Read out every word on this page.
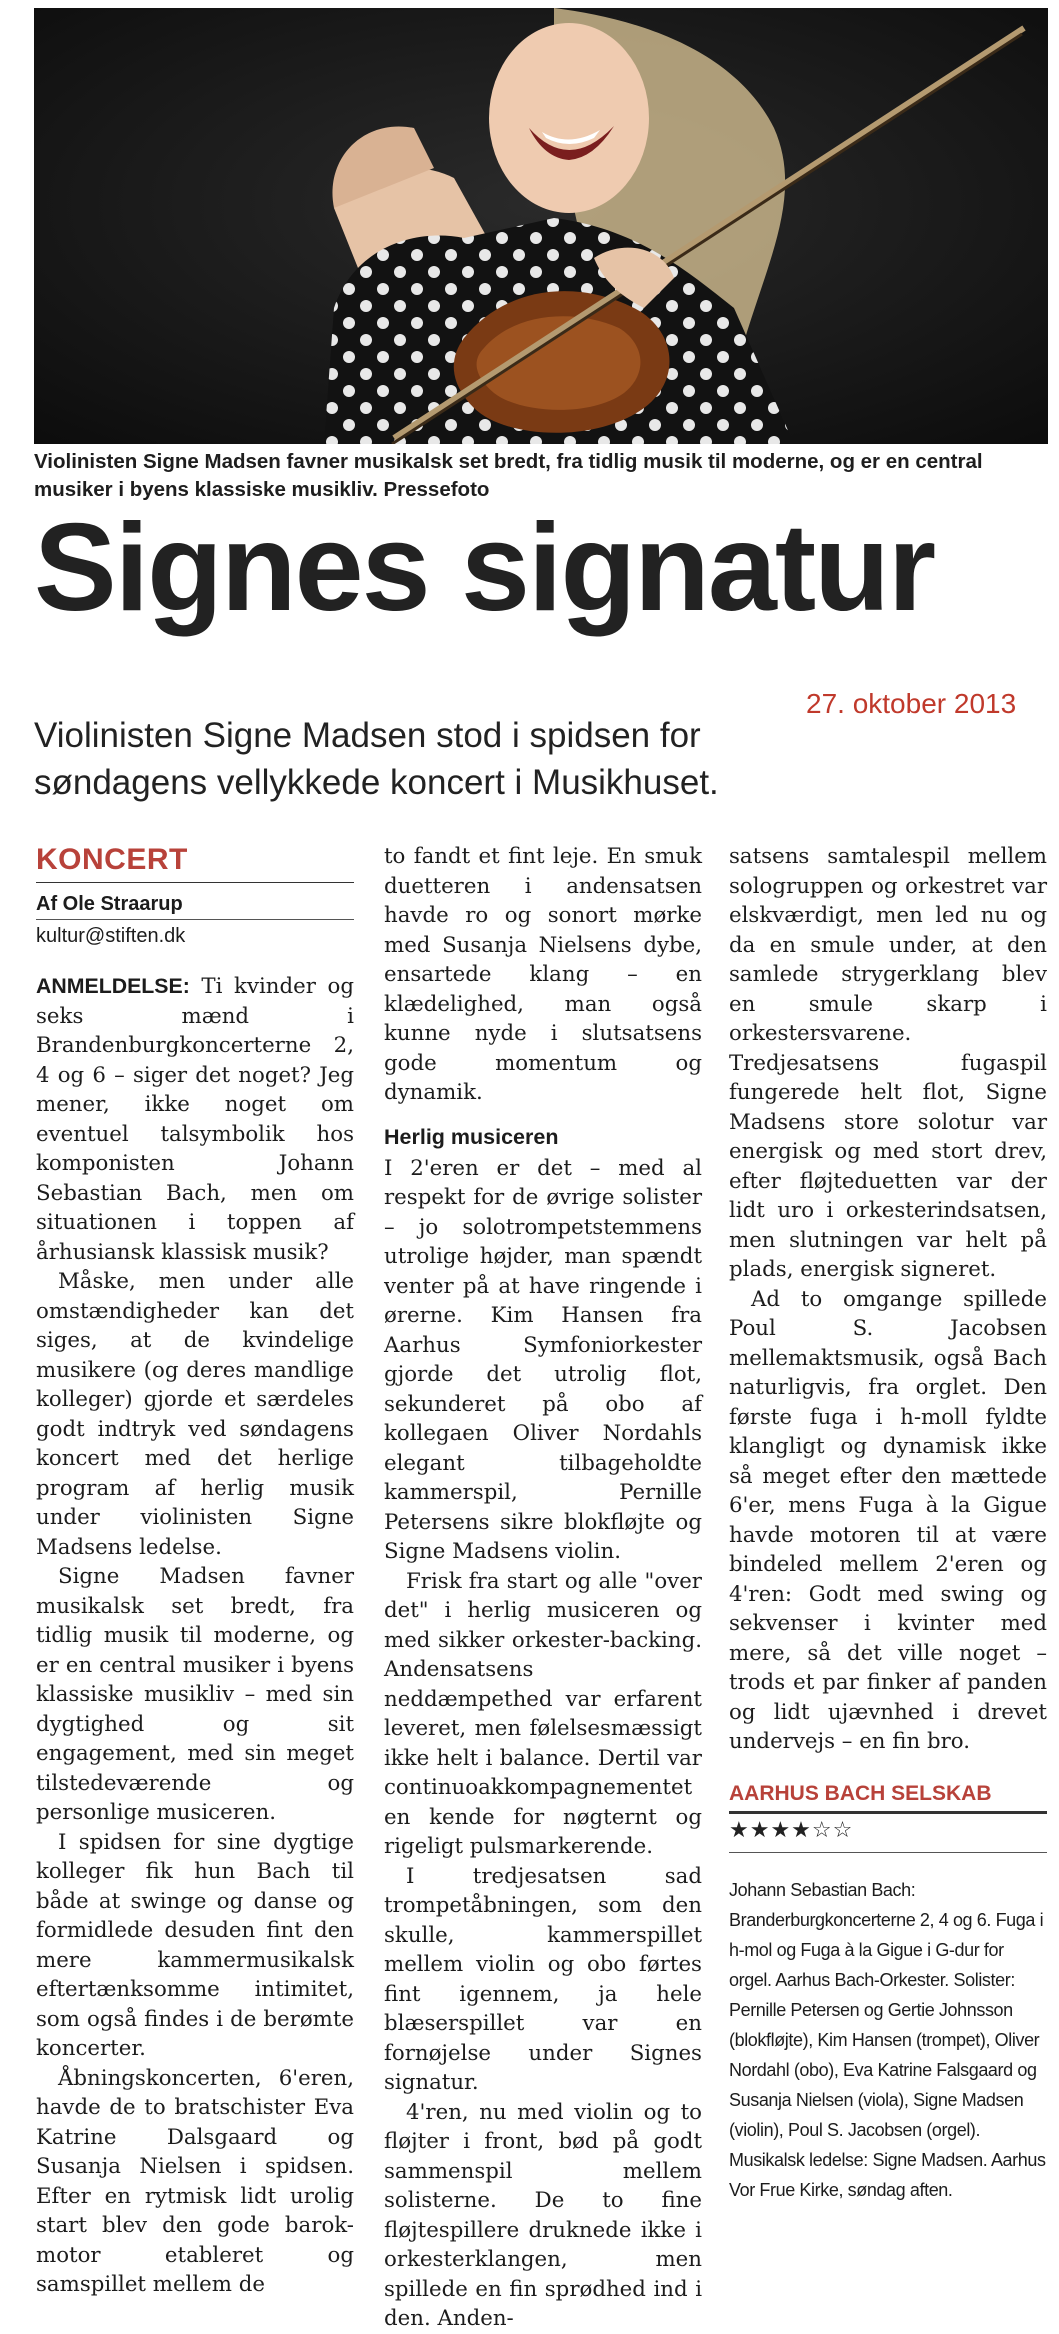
Violinisten Signe Madsen favner musikalsk set bredt, fra tidlig musik til moderne, og er en central musiker i byens klassiske musikliv. Pressefoto

Signes signatur
27. oktober 2013

Violinisten Signe Madsen stod i spidsen for søndagens vellykkede koncert i Musikhuset.

KONCERT
Af Ole Straarup
kultur@stiften.dk

ANMELDELSE: Ti kvinder og seks mænd i Brandenburgkoncerterne 2, 4 og 6 – siger det noget? Jeg mener, ikke noget om eventuel talsymbolik hos komponisten Johann Sebastian Bach, men om situationen i toppen af århusiansk klassisk musik?

Måske, men under alle omstændigheder kan det siges, at de kvindelige musikere (og deres mandlige kolleger) gjorde et særdeles godt indtryk ved søndagens koncert med det herlige program af herlig musik under violinisten Signe Madsens ledelse.

Signe Madsen favner musikalsk set bredt, fra tidlig musik til moderne, og er en central musiker i byens klassiske musikliv – med sin dygtighed og sit engagement, med sin meget tilstedeværende og personlige musiceren.

I spidsen for sine dygtige kolleger fik hun Bach til både at swinge og danse og formidlede desuden fint den mere kammermusikalsk eftertænksomme intimitet, som også findes i de berømte koncerter.

Åbningskoncerten, 6'eren, havde de to bratschister Eva Katrine Dalsgaard og Susanja Nielsen i spidsen. Efter en rytmisk lidt urolig start blev den gode barok-motor etableret og samspillet mellem de

to fandt et fint leje. En smuk duetteren i andensatsen havde ro og sonort mørke med Susanja Nielsens dybe, ensartede klang – en klædelighed, man også kunne nyde i slutsatsens gode momentum og dynamik.

Herlig musiceren

I 2'eren er det – med al respekt for de øvrige solister – jo solotrompetstemmens utrolige højder, man spændt venter på at have ringende i ørerne. Kim Hansen fra Aarhus Symfoniorkester gjorde det utrolig flot, sekunderet på obo af kollegaen Oliver Nordahls elegant tilbageholdte kammerspil, Pernille Petersens sikre blokfløjte og Signe Madsens violin.

Frisk fra start og alle "over det" i herlig musiceren og med sikker orkester-backing. Andensatsens neddæmpethed var erfarent leveret, men følelsesmæssigt ikke helt i balance. Dertil var continuoakkompagnementet en kende for nøgternt og rigeligt pulsmarkerende.

I tredjesatsen sad trompetåbningen, som den skulle, kammerspillet mellem violin og obo førtes fint igennem, ja hele blæserspillet var en fornøjelse under Signes signatur.

4'ren, nu med violin og to fløjter i front, bød på godt sammenspil mellem solisterne. De to fine fløjtespillere druknede ikke i orkesterklangen, men spillede en fin sprødhed ind i den. Anden-

satsens samtalespil mellem sologruppen og orkestret var elskværdigt, men led nu og da en smule under, at den samlede strygerklang blev en smule skarp i orkestersvarene. Tredjesatsens fugaspil fungerede helt flot, Signe Madsens store solotur var energisk og med stort drev, efter fløjteduetten var der lidt uro i orkesterindsatsen, men slutningen var helt på plads, energisk signeret.

Ad to omgange spillede Poul S. Jacobsen mellemaktsmusik, også Bach naturligvis, fra orglet. Den første fuga i h-moll fyldte klangligt og dynamisk ikke så meget efter den mættede 6'er, mens Fuga à la Gigue havde motoren til at være bindeled mellem 2'eren og 4'ren: Godt med swing og sekvenser i kvinter med mere, så det ville noget – trods et par finker af panden og lidt ujævnhed i drevet undervejs – en fin bro.

AARHUS BACH SELSKAB
★★★★☆☆
Johann Sebastian Bach: Branderburgkoncerterne 2, 4 og 6. Fuga i h-mol og Fuga à la Gigue i G-dur for orgel. Aarhus Bach-Orkester. Solister: Pernille Petersen og Gertie Johnsson (blokfløjte), Kim Hansen (trompet), Oliver Nordahl (obo), Eva Katrine Falsgaard og Susanja Nielsen (viola), Signe Madsen (violin), Poul S. Jacobsen (orgel). Musikalsk ledelse: Signe Madsen. Aarhus Vor Frue Kirke, søndag aften.
